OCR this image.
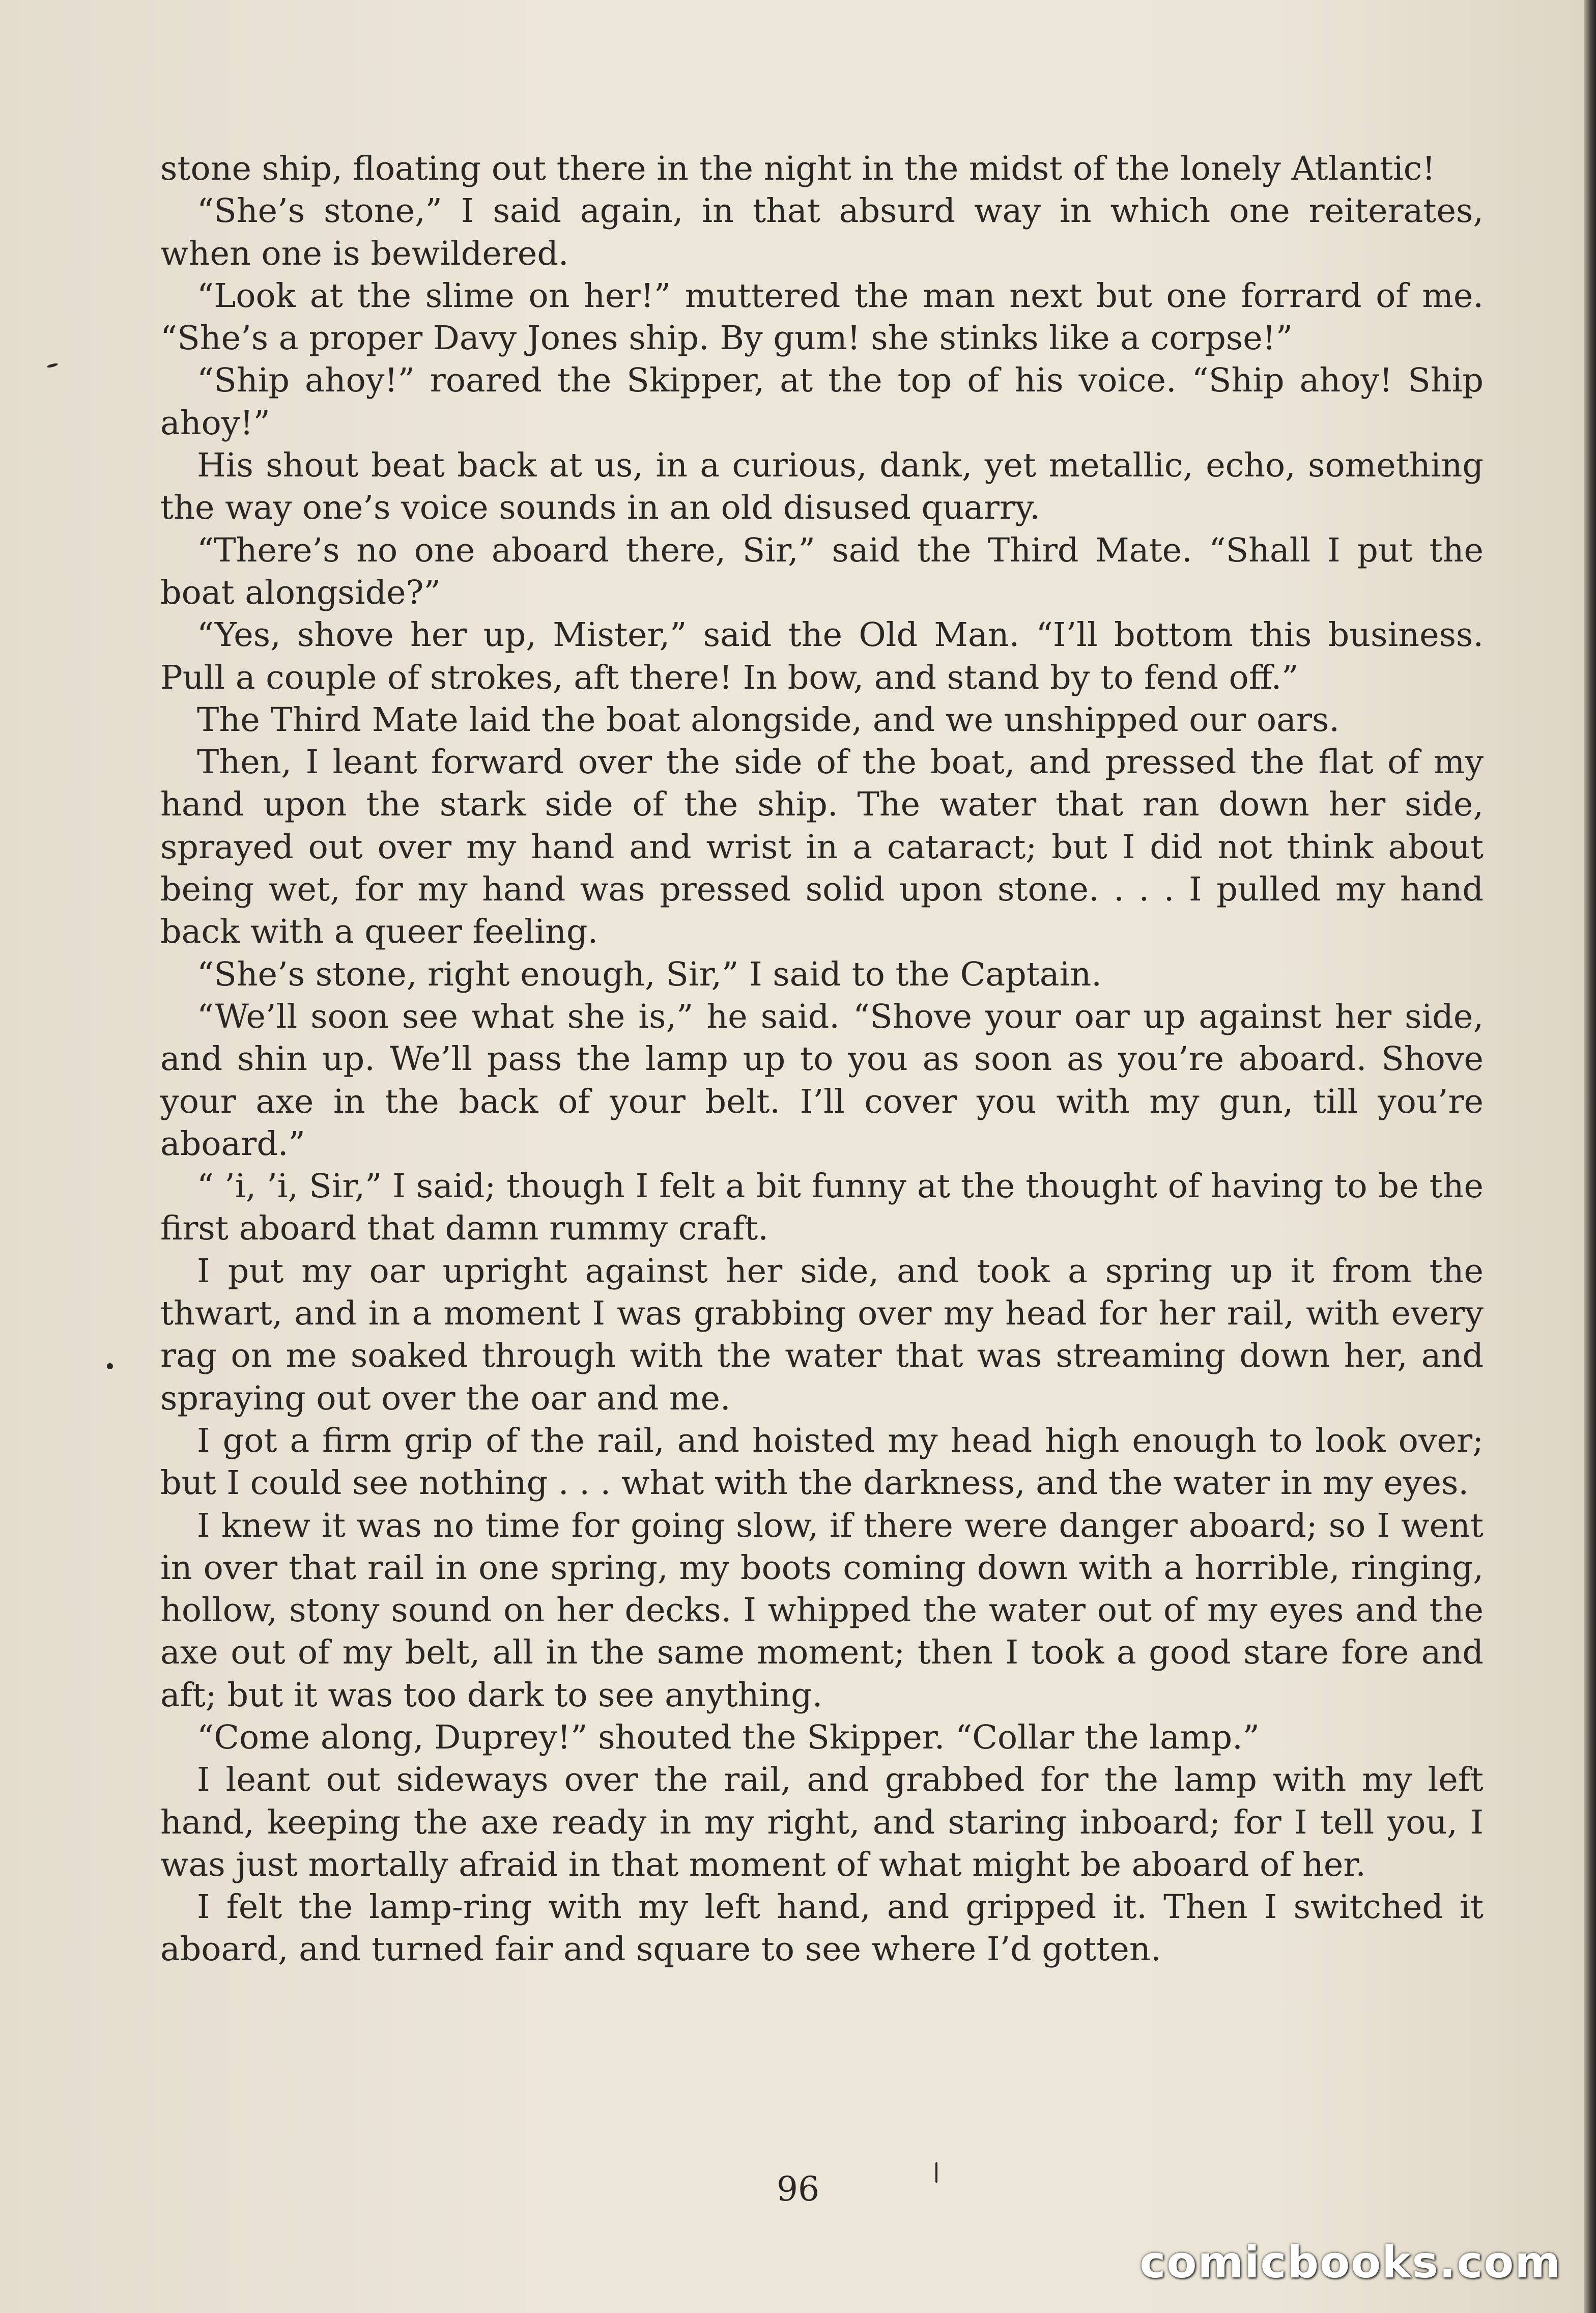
stone ship, floating out there in the night in the midst of the lonely Atlantic!

“She’s stone,” I said again, in that absurd way in which one reiterates, when one is bewildered.

“Look at the slime on her!” muttered the man next but one forrard of me. “She’s a proper Davy Jones ship. By gum! she stinks like a corpse!”

“Ship ahoy!” roared the Skipper, at the top of his voice. “Ship ahoy! Ship ahoy!”

His shout beat back at us, in a curious, dank, yet metallic, echo, something the way one’s voice sounds in an old disused quarry.

“There’s no one aboard there, Sir,” said the Third Mate. “Shall I put the boat alongside?”

“Yes, shove her up, Mister,” said the Old Man. “I’ll bottom this business. Pull a couple of strokes, aft there! In bow, and stand by to fend off.”

The Third Mate laid the boat alongside, and we unshipped our oars.

Then, I leant forward over the side of the boat, and pressed the flat of my hand upon the stark side of the ship. The water that ran down her side, sprayed out over my hand and wrist in a cataract; but I did not think about being wet, for my hand was pressed solid upon stone. . . . I pulled my hand back with a queer feeling.

“She’s stone, right enough, Sir,” I said to the Captain.

“We’ll soon see what she is,” he said. “Shove your oar up against her side, and shin up. We’ll pass the lamp up to you as soon as you’re aboard. Shove your axe in the back of your belt. I’ll cover you with my gun, till you’re aboard.”

“ ’i, ’i, Sir,” I said; though I felt a bit funny at the thought of having to be the first aboard that damn rummy craft.

I put my oar upright against her side, and took a spring up it from the thwart, and in a moment I was grabbing over my head for her rail, with every rag on me soaked through with the water that was streaming down her, and spraying out over the oar and me.

I got a firm grip of the rail, and hoisted my head high enough to look over; but I could see nothing . . . what with the darkness, and the water in my eyes.

I knew it was no time for going slow, if there were danger aboard; so I went in over that rail in one spring, my boots coming down with a horrible, ringing, hollow, stony sound on her decks. I whipped the water out of my eyes and the axe out of my belt, all in the same moment; then I took a good stare fore and aft; but it was too dark to see anything.

“Come along, Duprey!” shouted the Skipper. “Collar the lamp.”

I leant out sideways over the rail, and grabbed for the lamp with my left hand, keeping the axe ready in my right, and staring inboard; for I tell you, I was just mortally afraid in that moment of what might be aboard of her.

I felt the lamp-ring with my left hand, and gripped it. Then I switched it aboard, and turned fair and square to see where I’d gotten.

96
comicbooks.com
